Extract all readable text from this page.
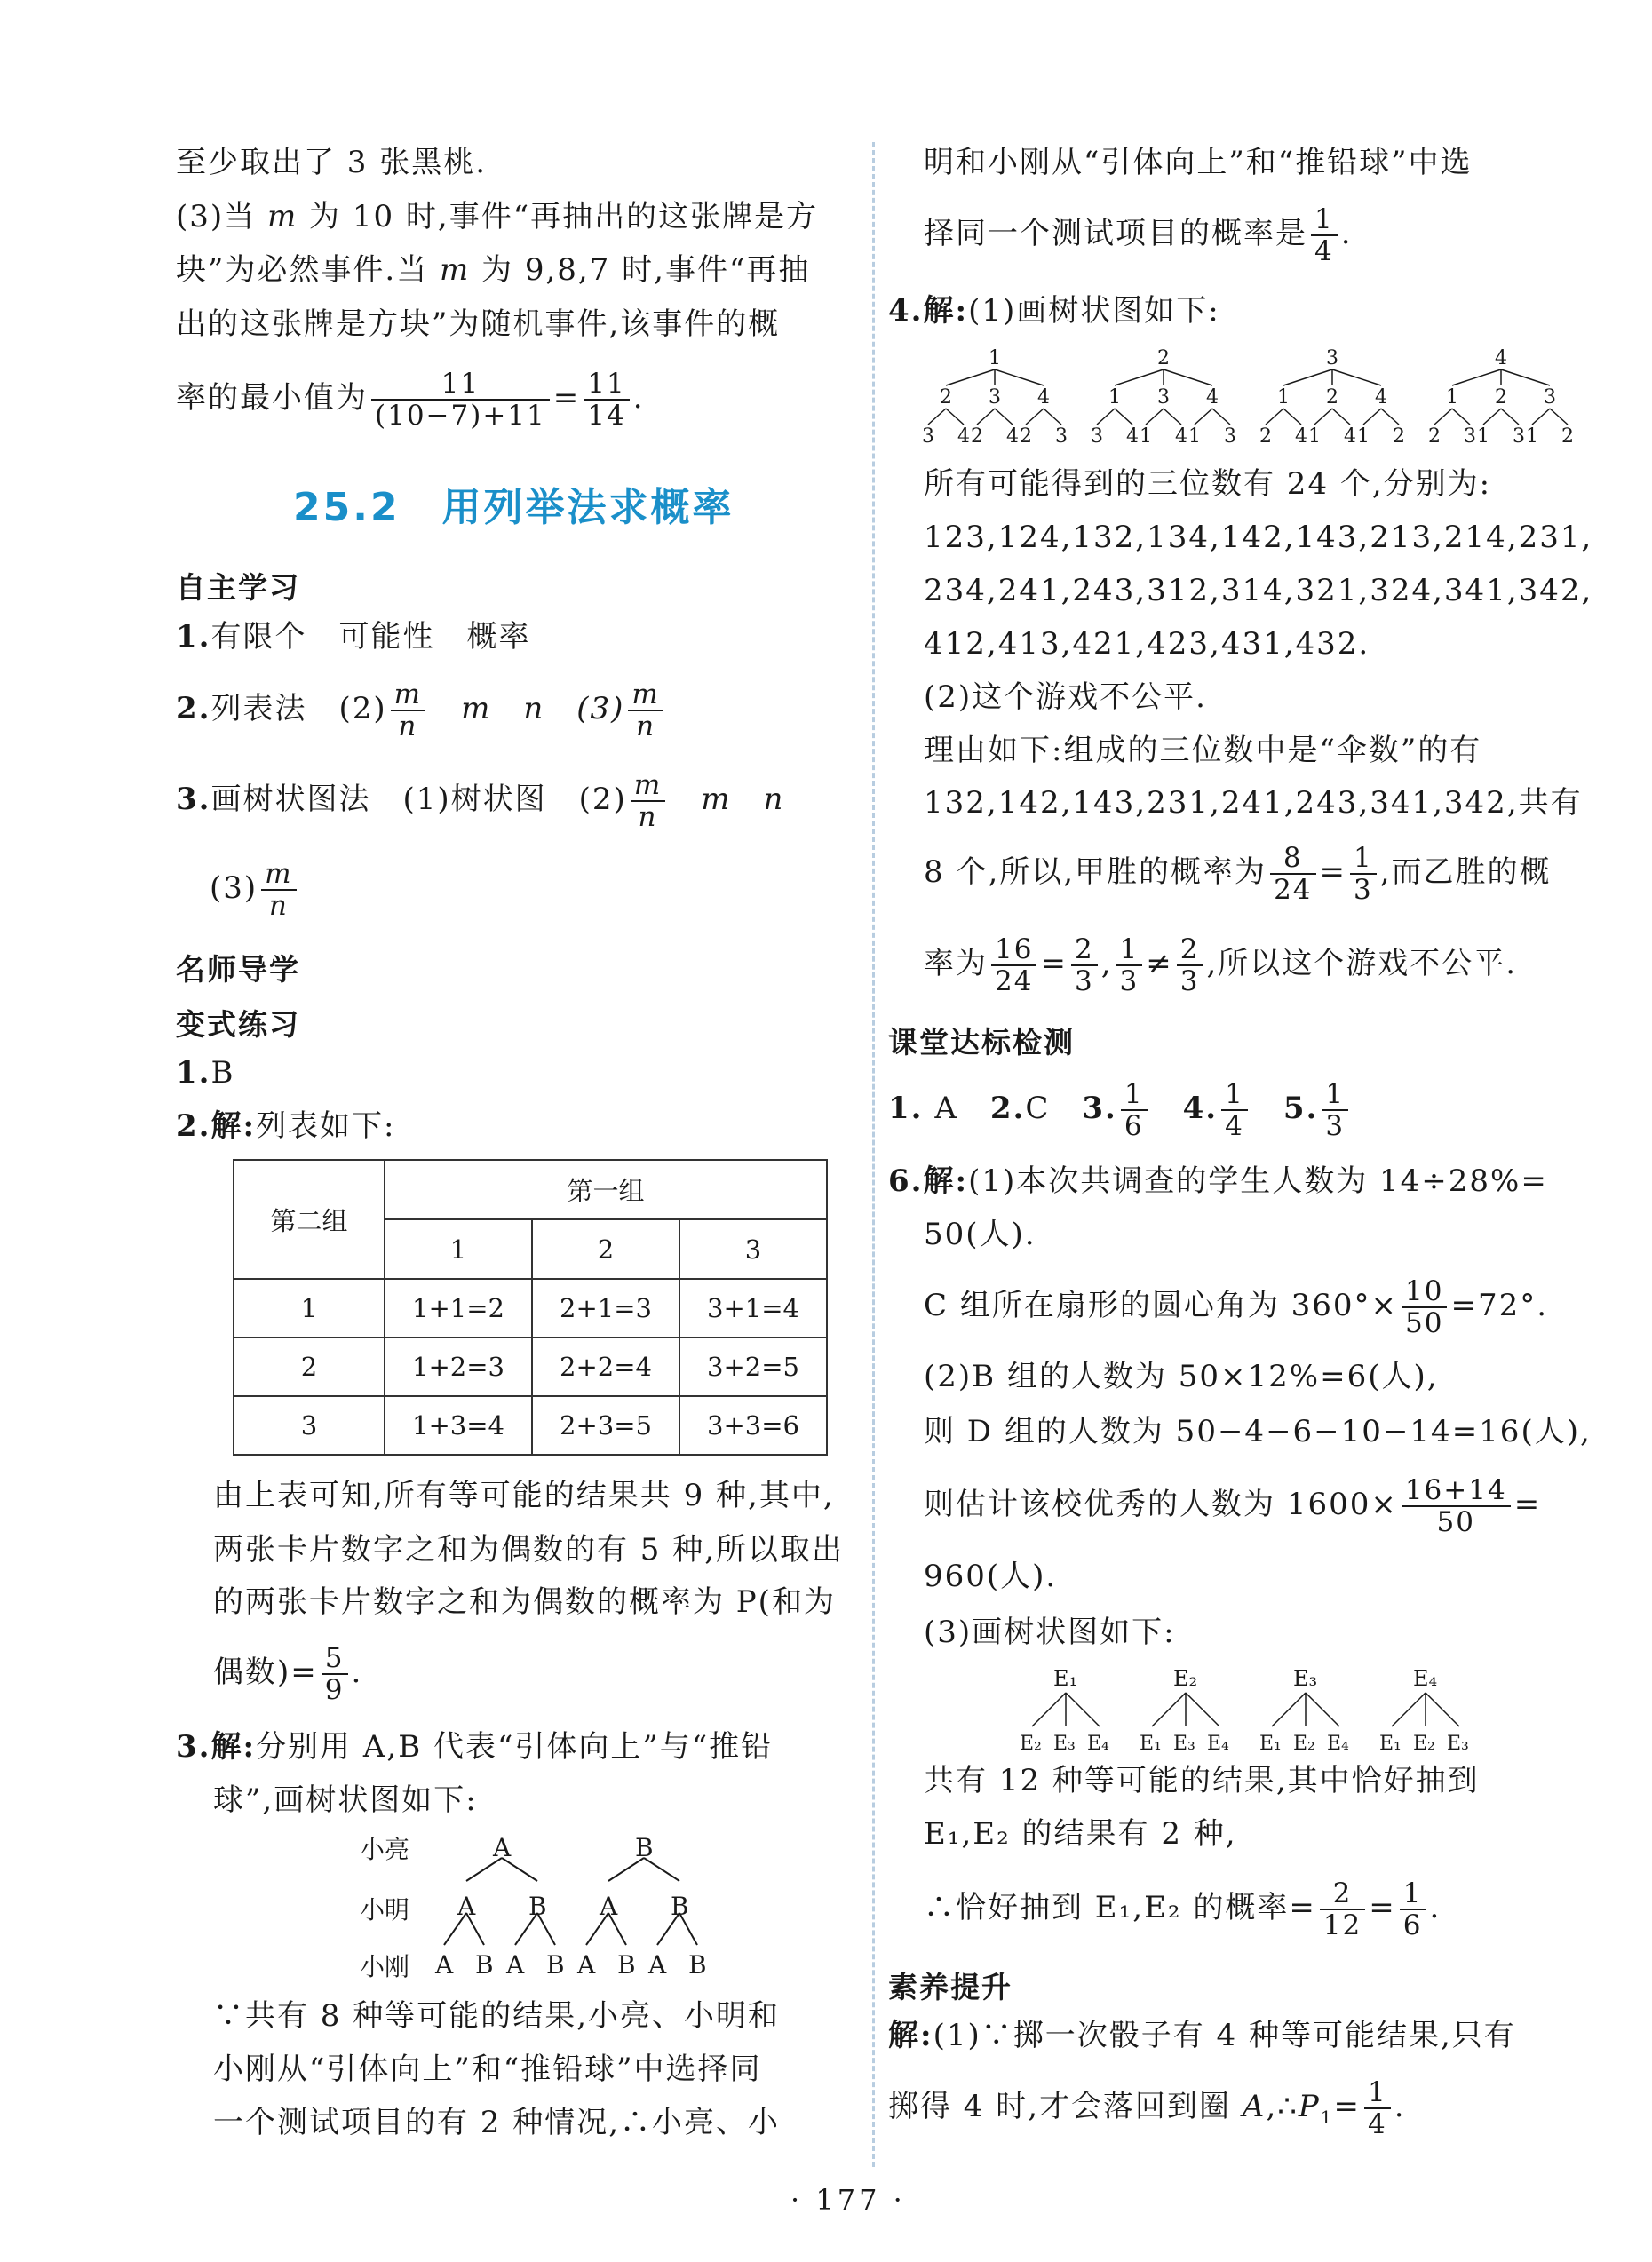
至少取出了 3 张黑桃.
(3)当 m 为 10 时,事件“再抽出的这张牌是方
块”为必然事件.当 m 为 9,8,7 时,事件“再抽
出的这张牌是方块”为随机事件,该事件的概
率的最小值为 $\frac{11}{(10-7)+11} = \frac{11}{14}$ .
25.2　用列举法求概率
自主学习
1.有限个　可能性　概率
2.列表法　$(2) \frac{m}{n}$ 　m　n　$(3) \frac{m}{n}$
3.画树状图法　(1)树状图　$(2) \frac{m}{n}$ 　m　n
$(3) \frac{m}{n}$
名师导学
变式练习
1.B
2.解:列表如下:
第二组	第一组		
	1	2	3
1	1+1=2	2+1=3	3+1=4
2	1+2=3	2+2=4	3+2=5
3	1+3=4	2+3=5	3+3=6
由上表可知,所有等可能的结果共 9 种,其中,
两张卡片数字之和为偶数的有 5 种,所以取出
的两张卡片数字之和为偶数的概率为 P(和为
偶数)= $\frac{5}{9}$ .
3.解:分别用 A,B 代表“引体向上”与“推铅
球”,画树状图如下:
小亮
小明
小刚
A	B
A B A B
A B A B A B A B
∵共有 8 种等可能的结果,小亮、小明和
小刚从“引体向上”和“推铅球”中选择同
一个测试项目的有 2 种情况,∴小亮、小
明和小刚从“引体向上”和“推铅球”中选
择同一个测试项目的概率是 $\frac{1}{4}$ .
4.解:(1)画树状图如下:
1
2
3 4
3
2 4
4
2 3
2
1
3 4
3
1 4
4
1 3
3
1
2 4
2
1 4
4
1 2
4
1
2 3
2
1 3
3
1 2
所有可能得到的三位数有 24 个,分别为:
123,124,132,134,142,143,213,214,231,
234,241,243,312,314,321,324,341,342,
412,413,421,423,431,432.
(2)这个游戏不公平.
理由如下:组成的三位数中是“伞数”的有
132,142,143,231,241,243,341,342,共有
8 个,所以,甲胜的概率为 $\frac{8}{24} = \frac{1}{3}$ ,而乙胜的概
率为 $\frac{16}{24} = \frac{2}{3}$ , $\frac{1}{3} \ne \frac{2}{3}$ ,所以这个游戏不公平.
课堂达标检测
1. A　 2.C　 3. $\frac{1}{6}$
　 4. $\frac{1}{4}$
　 5. $\frac{1}{3}$
6.解:(1)本次共调查的学生人数为 14÷28%=
50(人).
C 组所在扇形的圆心角为 $360^\circ\times \frac{10}{50} =72^\circ$.
(2)B 组的人数为 50×12%=6(人),
则 D 组的人数为 50−4−6−10−14=16(人),
则估计该校优秀的人数为 $1600\times \frac{16+14}{50}$ =
960(人).
(3)画树状图如下:
E₁
E₂ E₃ E₄
E₂
E₁ E₃ E₄
E₃
E₁ E₂ E₄
E₄
E₁ E₂ E₃
共有 12 种等可能的结果,其中恰好抽到
E₁,E₂ 的结果有 2 种,
∴恰好抽到 E₁,E₂ 的概率= $\frac{2}{12} = \frac{1}{6}$ .
素养提升
解:(1)∵掷一次骰子有 4 种等可能结果,只有
掷得 4 时,才会落回到圈 $A,\therefore P_1= \frac{1}{4}$ .
· 177 ·
